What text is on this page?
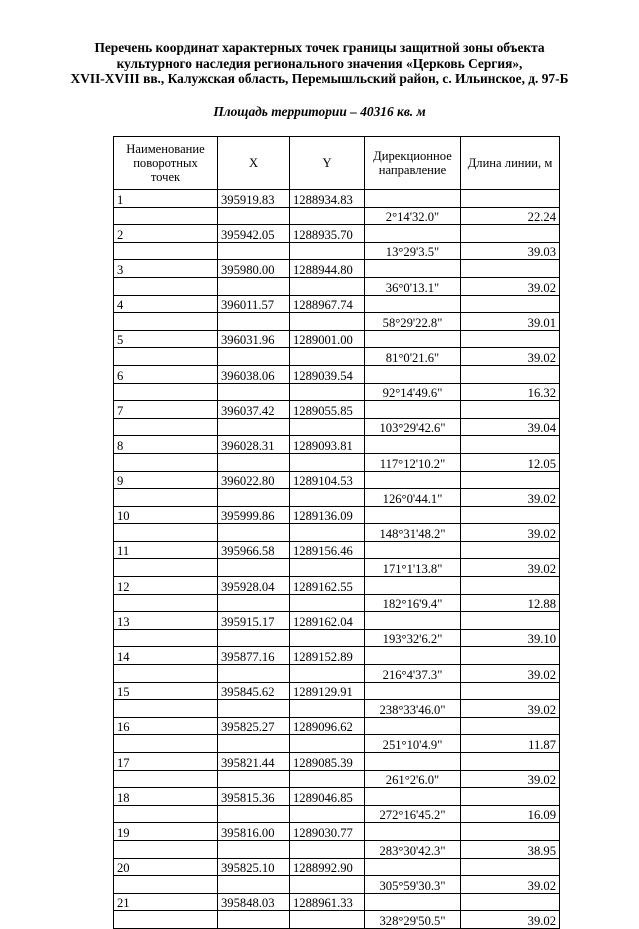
Перечень координат характерных точек границы защитной зоны объекта
культурного наследия регионального значения «Церковь Сергия»,
XVII-XVIII вв., Калужская область, Перемышльский район, с. Ильинское, д. 97-Б
Площадь территории – 40316 кв. м
Наименование поворотных точек	X	Y	Дирекционное направление	Длина линии, м
1	395919.83	1288934.83		
			2°14'32.0"	22.24
2	395942.05	1288935.70		
			13°29'3.5"	39.03
3	395980.00	1288944.80		
			36°0'13.1"	39.02
4	396011.57	1288967.74		
			58°29'22.8"	39.01
5	396031.96	1289001.00		
			81°0'21.6"	39.02
6	396038.06	1289039.54		
			92°14'49.6"	16.32
7	396037.42	1289055.85		
			103°29'42.6"	39.04
8	396028.31	1289093.81		
			117°12'10.2"	12.05
9	396022.80	1289104.53		
			126°0'44.1"	39.02
10	395999.86	1289136.09		
			148°31'48.2"	39.02
11	395966.58	1289156.46		
			171°1'13.8"	39.02
12	395928.04	1289162.55		
			182°16'9.4"	12.88
13	395915.17	1289162.04		
			193°32'6.2"	39.10
14	395877.16	1289152.89		
			216°4'37.3"	39.02
15	395845.62	1289129.91		
			238°33'46.0"	39.02
16	395825.27	1289096.62		
			251°10'4.9"	11.87
17	395821.44	1289085.39		
			261°2'6.0"	39.02
18	395815.36	1289046.85		
			272°16'45.2"	16.09
19	395816.00	1289030.77		
			283°30'42.3"	38.95
20	395825.10	1288992.90		
			305°59'30.3"	39.02
21	395848.03	1288961.33		
			328°29'50.5"	39.02
